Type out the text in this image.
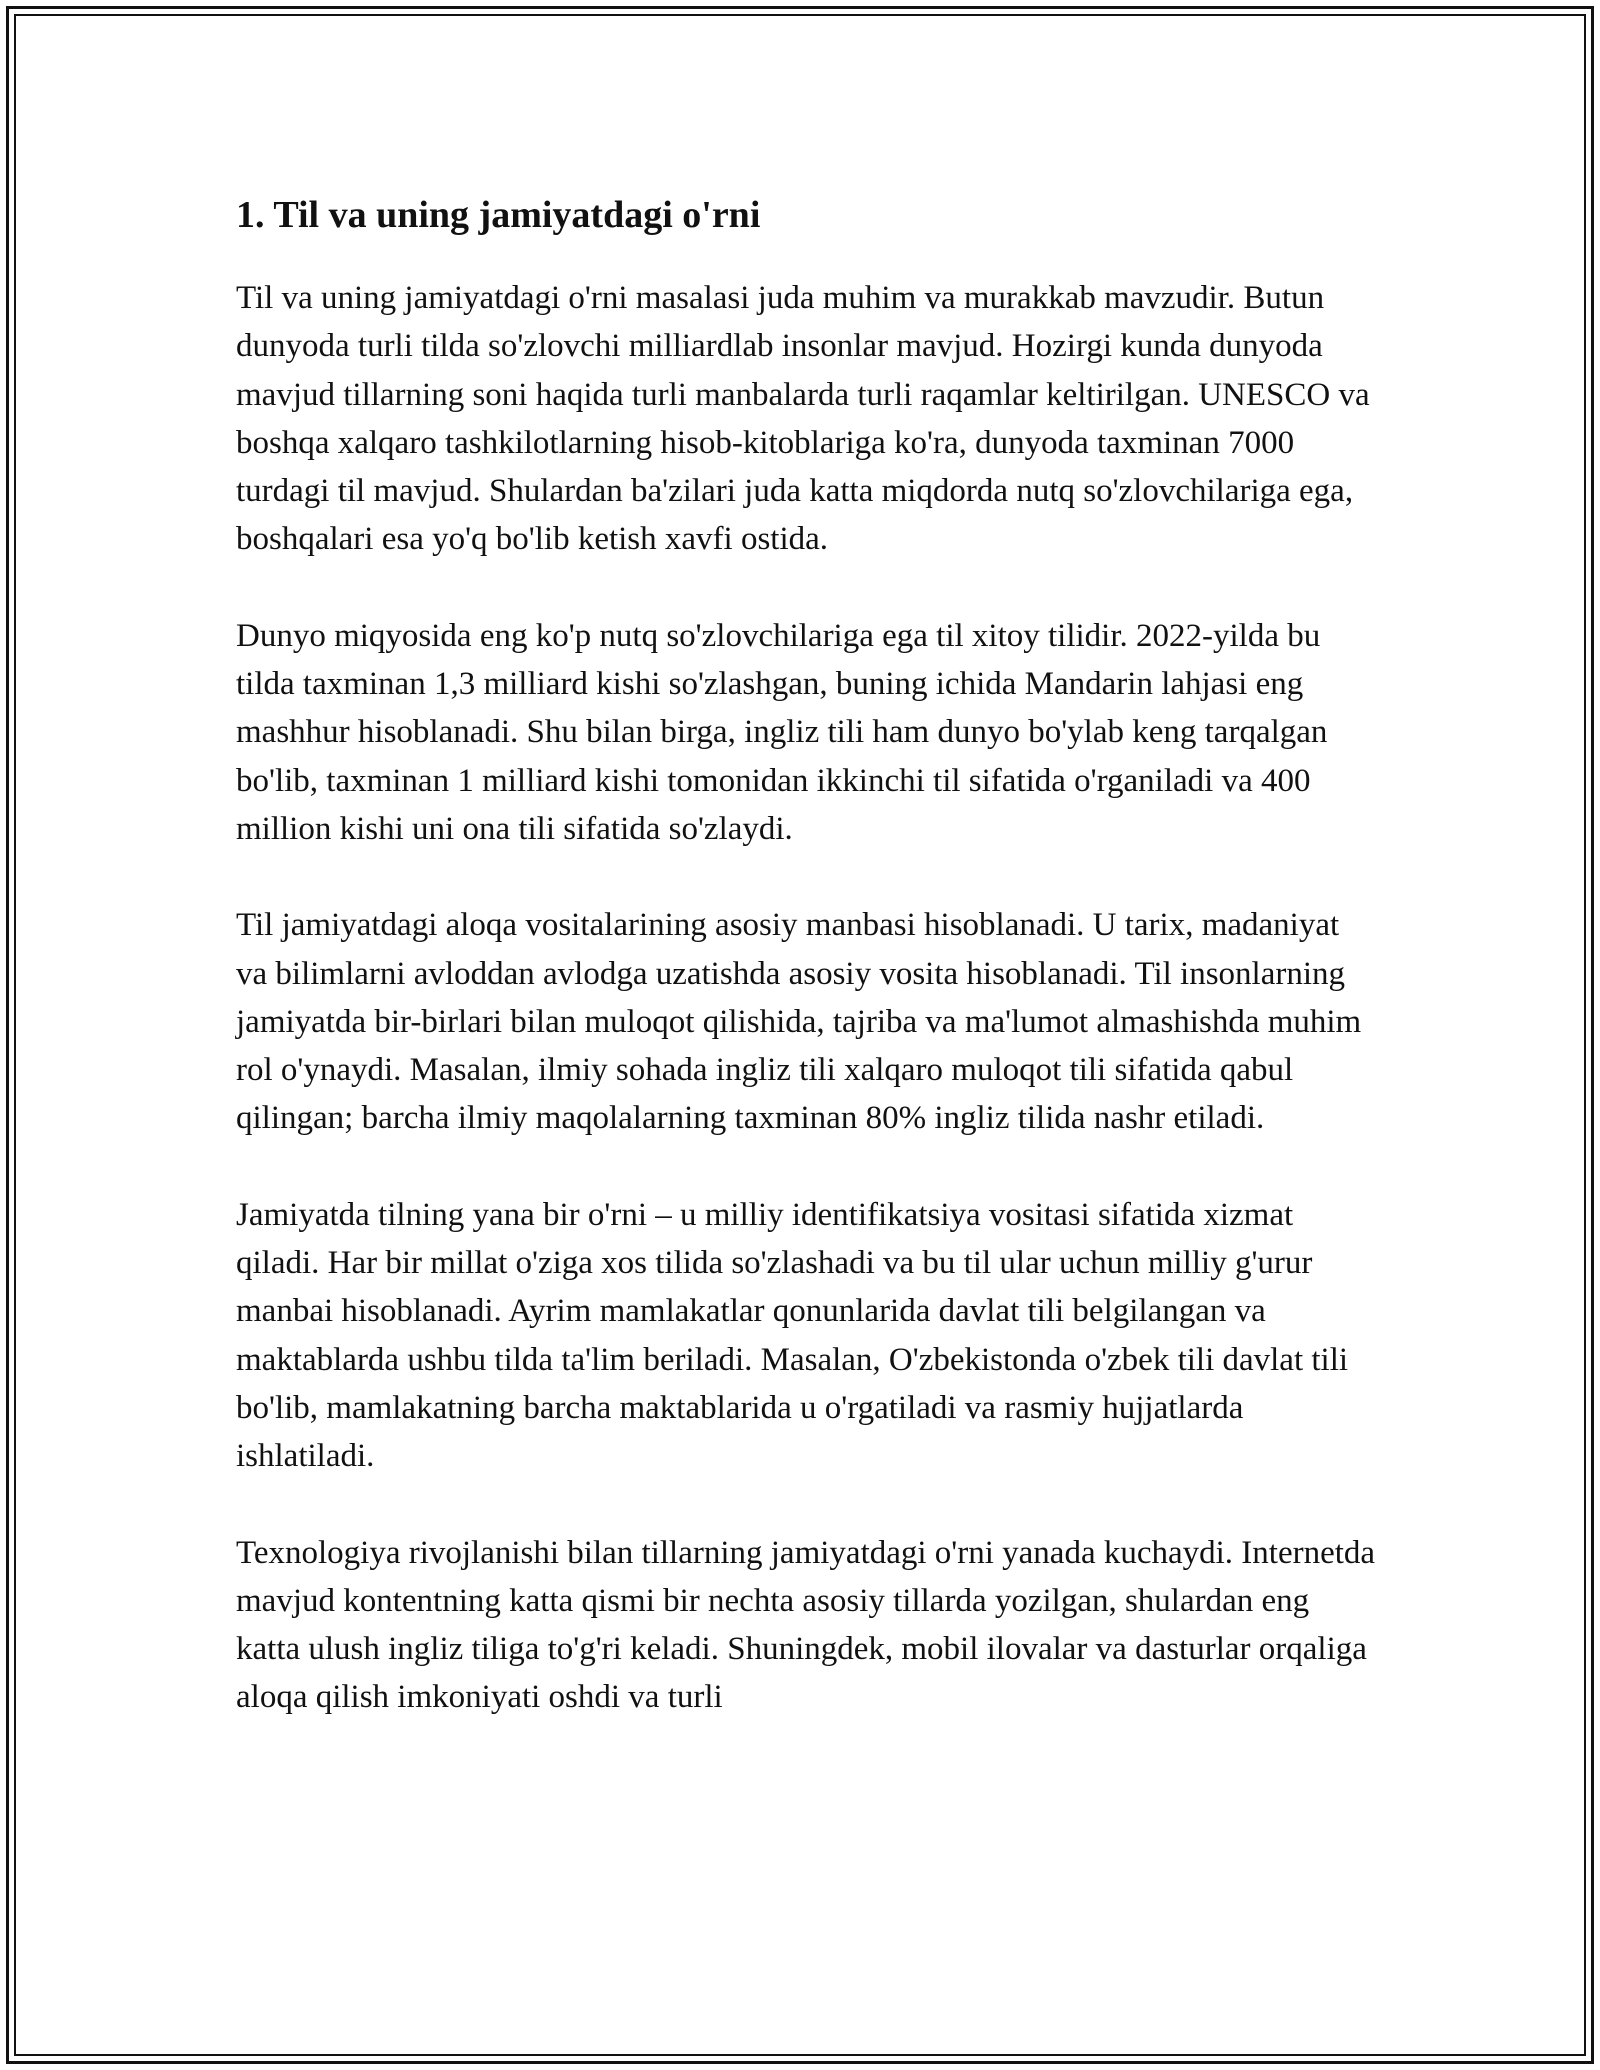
1. Til va uning jamiyatdagi o'rni

Til va uning jamiyatdagi o'rni masalasi juda muhim va murakkab mavzudir. Butun dunyoda turli tilda so'zlovchi milliardlab insonlar mavjud. Hozirgi kunda dunyoda mavjud tillarning soni haqida turli manbalarda turli raqamlar keltirilgan. UNESCO va boshqa xalqaro tashkilotlarning hisob-kitoblariga ko'ra, dunyoda taxminan 7000 turdagi til mavjud. Shulardan ba'zilari juda katta miqdorda nutq so'zlovchilariga ega, boshqalari esa yo'q bo'lib ketish xavfi ostida.

Dunyo miqyosida eng ko'p nutq so'zlovchilariga ega til xitoy tilidir. 2022-yilda bu tilda taxminan 1,3 milliard kishi so'zlashgan, buning ichida Mandarin lahjasi eng mashhur hisoblanadi. Shu bilan birga, ingliz tili ham dunyo bo'ylab keng tarqalgan bo'lib, taxminan 1 milliard kishi tomonidan ikkinchi til sifatida o'rganiladi va 400 million kishi uni ona tili sifatida so'zlaydi.

Til jamiyatdagi aloqa vositalarining asosiy manbasi hisoblanadi. U tarix, madaniyat va bilimlarni avloddan avlodga uzatishda asosiy vosita hisoblanadi. Til insonlarning jamiyatda bir-birlari bilan muloqot qilishida, tajriba va ma'lumot almashishda muhim rol o'ynaydi. Masalan, ilmiy sohada ingliz tili xalqaro muloqot tili sifatida qabul qilingan; barcha ilmiy maqolalarning taxminan 80% ingliz tilida nashr etiladi.

Jamiyatda tilning yana bir o'rni – u milliy identifikatsiya vositasi sifatida xizmat qiladi. Har bir millat o'ziga xos tilida so'zlashadi va bu til ular uchun milliy g'urur manbai hisoblanadi. Ayrim mamlakatlar qonunlarida davlat tili belgilangan va maktablarda ushbu tilda ta'lim beriladi. Masalan, O'zbekistonda o'zbek tili davlat tili bo'lib, mamlakatning barcha maktablarida u o'rgatiladi va rasmiy hujjatlarda ishlatiladi.

Texnologiya rivojlanishi bilan tillarning jamiyatdagi o'rni yanada kuchaydi. Internetda mavjud kontentning katta qismi bir nechta asosiy tillarda yozilgan, shulardan eng katta ulush ingliz tiliga to'g'ri keladi. Shuningdek, mobil ilovalar va dasturlar orqaliga aloqa qilish imkoniyati oshdi va turli
